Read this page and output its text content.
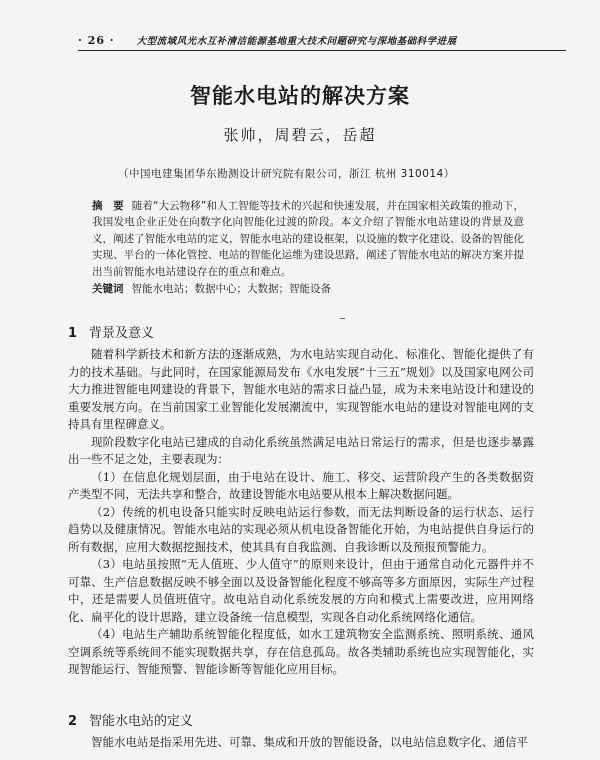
· 26 · 大型流域风光水互补清洁能源基地重大技术问题研究与深地基础科学进展
智能水电站的解决方案
张帅，周碧云，岳超
（中国电建集团华东勘测设计研究院有限公司，浙江 杭州 310014）
摘　要 随着“大云物移”和人工智能等技术的兴起和快速发展，并在国家相关政策的推动下，我国发电企业正处在向数字化向智能化过渡的阶段。本文介绍了智能水电站建设的背景及意义，阐述了智能水电站的定义，智能水电站的建设框架，以设施的数字化建设、设备的智能化实现、平台的一体化管控、电站的智能化运维为建设思路，阐述了智能水电站的解决方案并提出当前智能水电站建设存在的重点和难点。
关键词 智能水电站；数据中心；大数据；智能设备
1 背景及意义

随着科学新技术和新方法的逐渐成熟，为水电站实现自动化、标准化、智能化提供了有力的技术基础。与此同时，在国家能源局发布《水电发展“十三五”规划》以及国家电网公司大力推进智能电网建设的背景下，智能水电站的需求日益凸显，成为未来电站设计和建设的重要发展方向。在当前国家工业智能化发展潮流中，实现智能水电站的建设对智能电网的支持具有里程碑意义。

现阶段数字化电站已建成的自动化系统虽然满足电站日常运行的需求，但是也逐步暴露出一些不足之处，主要表现为：

（1）在信息化规划层面，由于电站在设计、施工、移交、运营阶段产生的各类数据资产类型不同，无法共享和整合，故建设智能水电站要从根本上解决数据问题。

（2）传统的机电设备只能实时反映电站运行参数，而无法判断设备的运行状态、运行趋势以及健康情况。智能水电站的实现必须从机电设备智能化开始，为电站提供自身运行的所有数据，应用大数据挖掘技术，使其具有自我监测、自我诊断以及预报预警能力。

（3）电站虽按照“无人值班、少人值守”的原则来设计，但由于通常自动化元器件并不可靠、生产信息数据反映不够全面以及设备智能化程度不够高等多方面原因，实际生产过程中，还是需要人员值班值守。故电站自动化系统发展的方向和模式上需要改进，应用网络化、扁平化的设计思路，建立设备统一信息模型，实现各自动化系统网络化通信。

（4）电站生产辅助系统智能化程度低，如水工建筑物安全监测系统、照明系统、通风空调系统等系统间不能实现数据共享，存在信息孤岛。故各类辅助系统也应实现智能化，实现智能运行、智能预警、智能诊断等智能化应用目标。

2 智能水电站的定义

智能水电站是指采用先进、可靠、集成和开放的智能设备，以电站信息数字化、通信平
